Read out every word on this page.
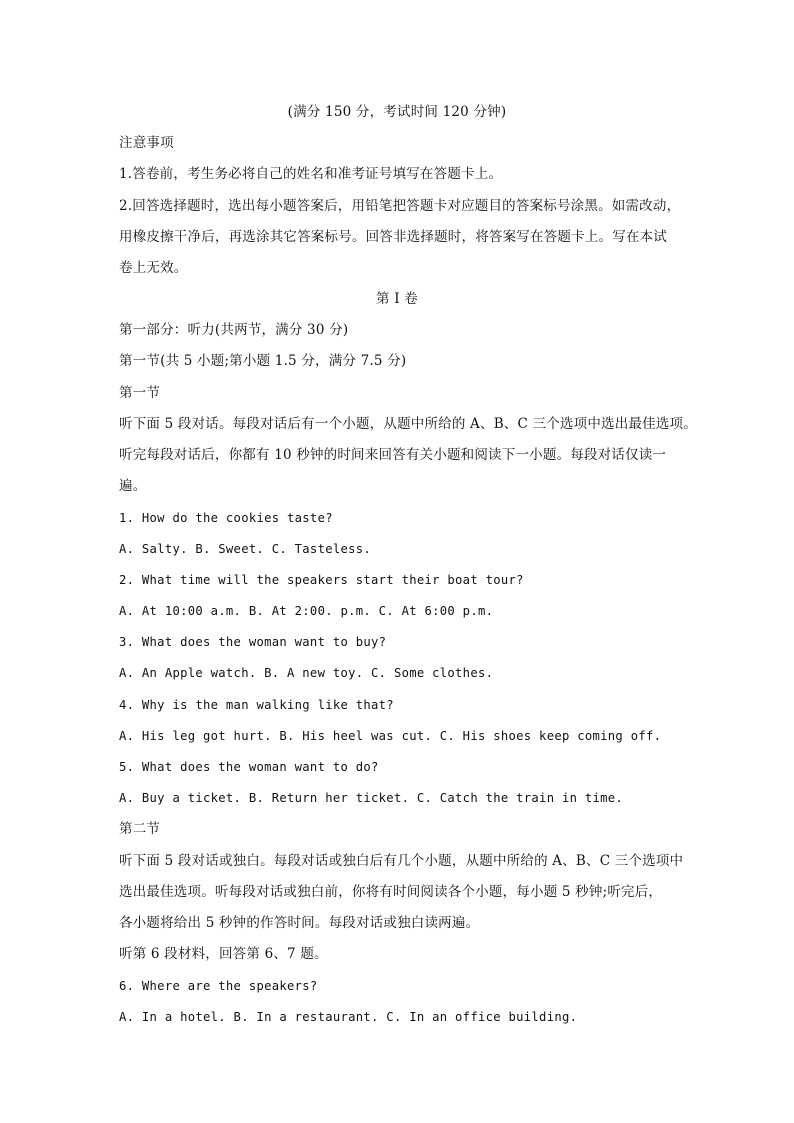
(满分 150 分，考试时间 120 分钟)
注意事项
1.答卷前，考生务必将自己的姓名和准考证号填写在答题卡上。
2.回答选择题时，选出每小题答案后，用铅笔把答题卡对应题目的答案标号涂黑。如需改动，
用橡皮擦干净后，再选涂其它答案标号。回答非选择题时，将答案写在答题卡上。写在本试
卷上无效。
第 I 卷
第一部分：听力(共两节，满分 30 分)
第一节(共 5 小题;第小题 1.5 分，满分 7.5 分)
第一节
听下面 5 段对话。每段对话后有一个小题，从题中所给的 A、B、C 三个选项中选出最佳选项。
听完每段对话后，你都有 10 秒钟的时间来回答有关小题和阅读下一小题。每段对话仅读一
遍。
1. How do the cookies taste?
A. Salty. B. Sweet. C. Tasteless.
2. What time will the speakers start their boat tour?
A. At 10:00 a.m. B. At 2:00. p.m. C. At 6:00 p.m.
3. What does the woman want to buy?
A. An Apple watch. B. A new toy. C. Some clothes.
4. Why is the man walking like that?
A. His leg got hurt. B. His heel was cut. C. His shoes keep coming off.
5. What does the woman want to do?
A. Buy a ticket. B. Return her ticket. C. Catch the train in time.
第二节
听下面 5 段对话或独白。每段对话或独白后有几个小题，从题中所给的 A、B、C 三个选项中
选出最佳选项。听每段对话或独白前，你将有时间阅读各个小题，每小题 5 秒钟;听完后，
各小题将给出 5 秒钟的作答时间。每段对话或独白读两遍。
听第 6 段材料，回答第 6、7 题。
6. Where are the speakers?
A. In a hotel. B. In a restaurant. C. In an office building.
